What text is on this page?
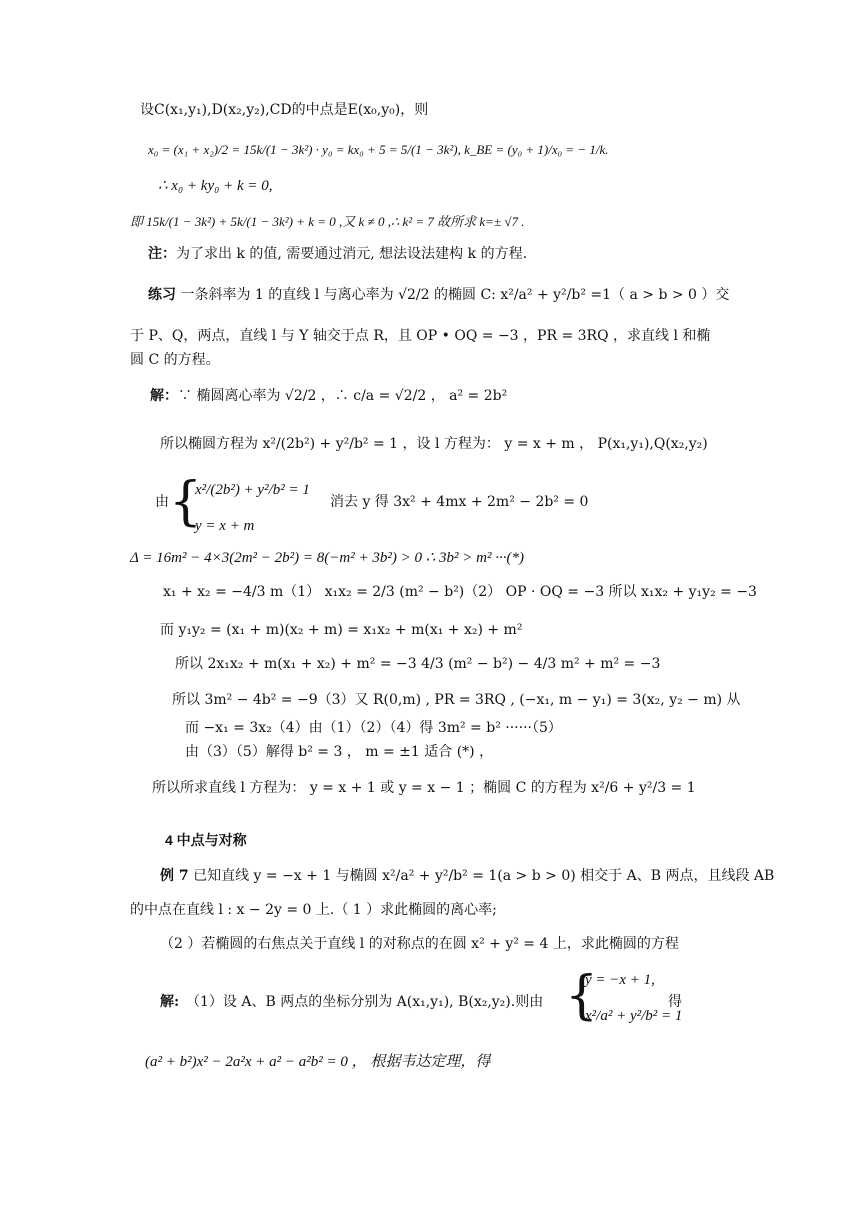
设C(x₁,y₁),D(x₂,y₂),CD的中点是E(x₀,y₀)，则
x₀ = (x₁ + x₂)/2 = 15k/(1 − 3k²) · y₀ = kx₀ + 5 = 5/(1 − 3k²), k_BE = (y₀ + 1)/x₀ = − 1/k.
∴ x₀ + ky₀ + k = 0,
即 15k/(1 − 3k²) + 5k/(1 − 3k²) + k = 0 ,又 k ≠ 0 ,∴ k² = 7 故所求 k=± √7 .
注：为了求出 k 的值, 需要通过消元, 想法设法建构 k 的方程.
练习 一条斜率为 1 的直线 l 与离心率为 √2/2 的椭圆 C: x²/a² + y²/b² =1（ a > b > 0 ）交
于 P、Q，两点，直线 l 与 Y 轴交于点 R，且 OP • OQ = −3 ，PR = 3RQ ，求直线 l 和椭
圆 C 的方程。
解：∵ 椭圆离心率为 √2/2 ，∴ c/a = √2/2 ， a² = 2b²
所以椭圆方程为 x²/(2b²) + y²/b² = 1 ，设 l 方程为： y = x + m ， P(x₁,y₁),Q(x₂,y₂)
由 {
x²/(2b²) + y²/b² = 1
消去 y 得 3x² + 4mx + 2m² − 2b² = 0
y = x + m
Δ = 16m² − 4×3(2m² − 2b²) = 8(−m² + 3b²) > 0 ∴ 3b² > m² ···(*)
x₁ + x₂ = −4/3 m（1） x₁x₂ = 2/3 (m² − b²)（2） OP · OQ = −3 所以 x₁x₂ + y₁y₂ = −3
而 y₁y₂ = (x₁ + m)(x₂ + m) = x₁x₂ + m(x₁ + x₂) + m²
所以 2x₁x₂ + m(x₁ + x₂) + m² = −3 4/3 (m² − b²) − 4/3 m² + m² = −3
所以 3m² − 4b² = −9（3）又 R(0,m) , PR = 3RQ , (−x₁, m − y₁) = 3(x₂, y₂ − m) 从
而 −x₁ = 3x₂（4）由（1）（2）（4）得 3m² = b² ······（5）
由（3）（5）解得 b² = 3 ， m = ±1 适合 (*) ，
所以所求直线 l 方程为： y = x + 1 或 y = x − 1 ；椭圆 C 的方程为 x²/6 + y²/3 = 1
4 中点与对称
例 7 已知直线 y = −x + 1 与椭圆 x²/a² + y²/b² = 1(a > b > 0) 相交于 A、B 两点，且线段 AB
的中点在直线 l : x − 2y = 0 上.（ 1 ）求此椭圆的离心率;
（2 ）若椭圆的右焦点关于直线 l 的对称点的在圆 x² + y² = 4 上，求此椭圆的方程
解: （1）设 A、B 两点的坐标分别为 A(x₁,y₁), B(x₂,y₂).则由 {
y = −x + 1,
x²/a² + y²/b² = 1
得
(a² + b²)x² − 2a²x + a² − a²b² = 0 ， 根据韦达定理，得
